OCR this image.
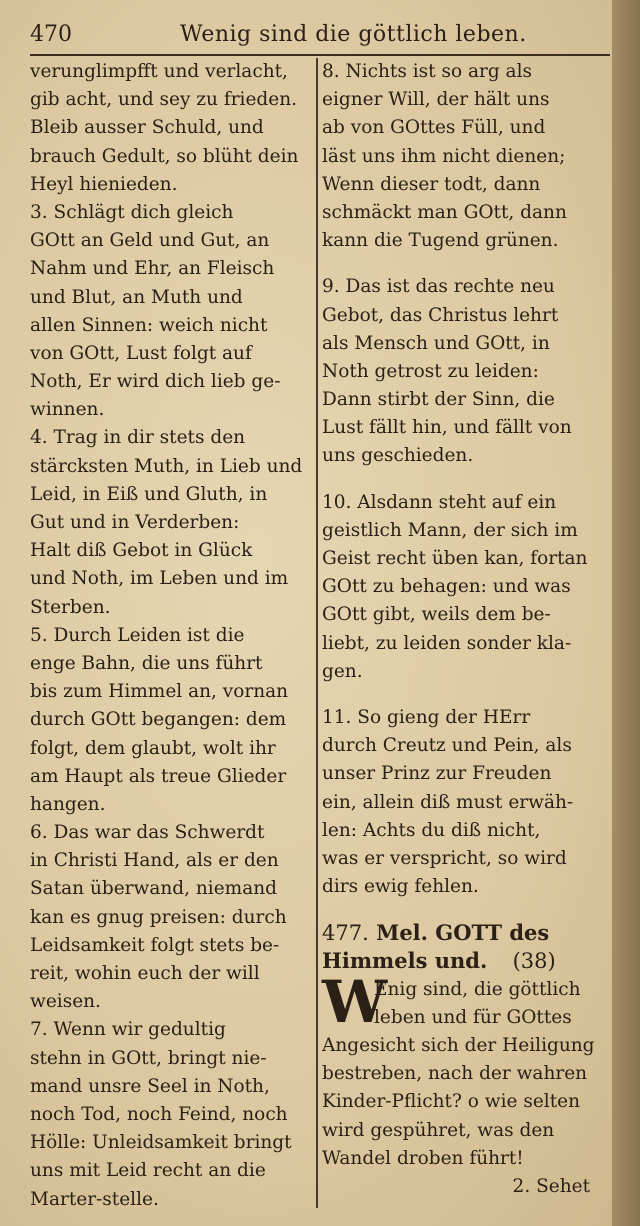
470	Wenig sind die göttlich leben.
verunglimpfft und verlacht,
gib acht, und sey zu frieden.
Bleib ausser Schuld, und
brauch Gedult, so blüht dein
Heyl hienieden.
3. Schlägt dich gleich
GOtt an Geld und Gut, an
Nahm und Ehr, an Fleisch
und Blut, an Muth und
allen Sinnen: weich nicht
von GOtt, Lust folgt auf
Noth, Er wird dich lieb ge-
winnen.
4. Trag in dir stets den
stärcksten Muth, in Lieb und
Leid, in Eiß und Gluth, in
Gut und in Verderben:
Halt diß Gebot in Glück
und Noth, im Leben und im
Sterben.
5. Durch Leiden ist die
enge Bahn, die uns führt
bis zum Himmel an, vornan
durch GOtt begangen: dem
folgt, dem glaubt, wolt ihr
am Haupt als treue Glieder
hangen.
6. Das war das Schwerdt
in Christi Hand, als er den
Satan überwand, niemand
kan es gnug preisen: durch
Leidsamkeit folgt stets be-
reit, wohin euch der will
weisen.
7. Wenn wir gedultig
stehn in GOtt, bringt nie-
mand unsre Seel in Noth,
noch Tod, noch Feind, noch
Hölle: Unleidsamkeit bringt
uns mit Leid recht an die
Marter-stelle.
8. Nichts ist so arg als
eigner Will, der hält uns
ab von GOttes Füll, und
läst uns ihm nicht dienen;
Wenn dieser todt, dann
schmäckt man GOtt, dann
kann die Tugend grünen.
9. Das ist das rechte neu
Gebot, das Christus lehrt
als Mensch und GOtt, in
Noth getrost zu leiden:
Dann stirbt der Sinn, die
Lust fällt hin, und fällt von
uns geschieden.
10. Alsdann steht auf ein
geistlich Mann, der sich im
Geist recht üben kan, fortan
GOtt zu behagen: und was
GOtt gibt, weils dem be-
liebt, zu leiden sonder kla-
gen.
11. So gieng der HErr
durch Creutz und Pein, als
unser Prinz zur Freuden
ein, allein diß must erwäh-
len: Achts du diß nicht,
was er verspricht, so wird
dirs ewig fehlen.
477. Mel. GOTT des
Himmels und. (38)
W
Enig sind, die göttlich
leben und für GOttes
Angesicht sich der Heiligung
bestreben, nach der wahren
Kinder-Pflicht? o wie selten
wird gespühret, was den
Wandel droben führt!
2. Sehet
